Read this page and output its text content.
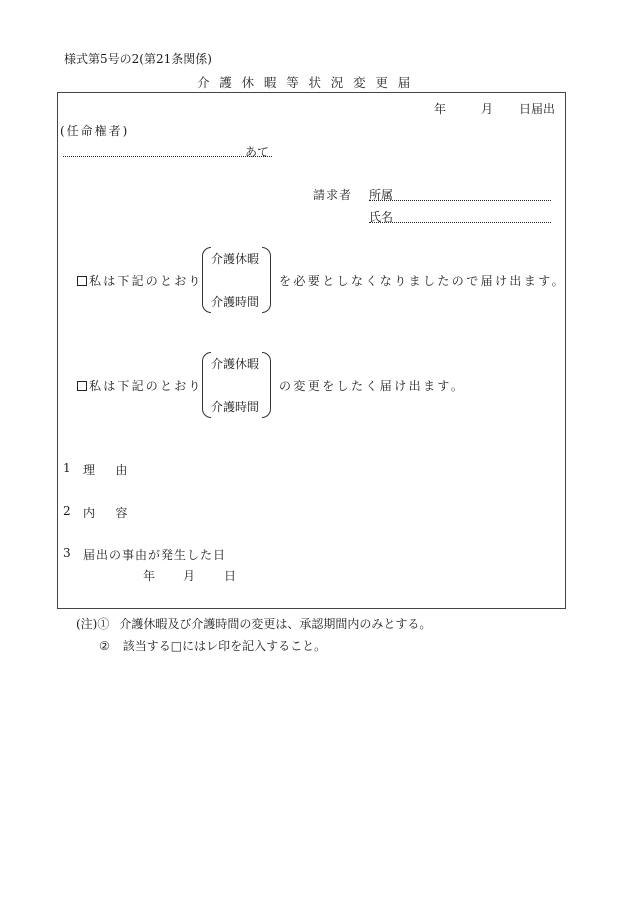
様式第5号の2(第21条関係)
介護休暇等状況変更届
年	月 日届出
(任命権者)
あて
請求者 所属
氏名
私は下記のとおり
介護休暇
介護時間
を必要としなくなりましたので届け出ます。
私は下記のとおり
介護休暇
介護時間
の変更をしたく届け出ます。
1 理　由
2 内　容
3 届出の事由が発生した日
年 月 日
(注)① 介護休暇及び介護時間の変更は、承認期間内のみとする。
② 該当する□にはレ印を記入すること。
